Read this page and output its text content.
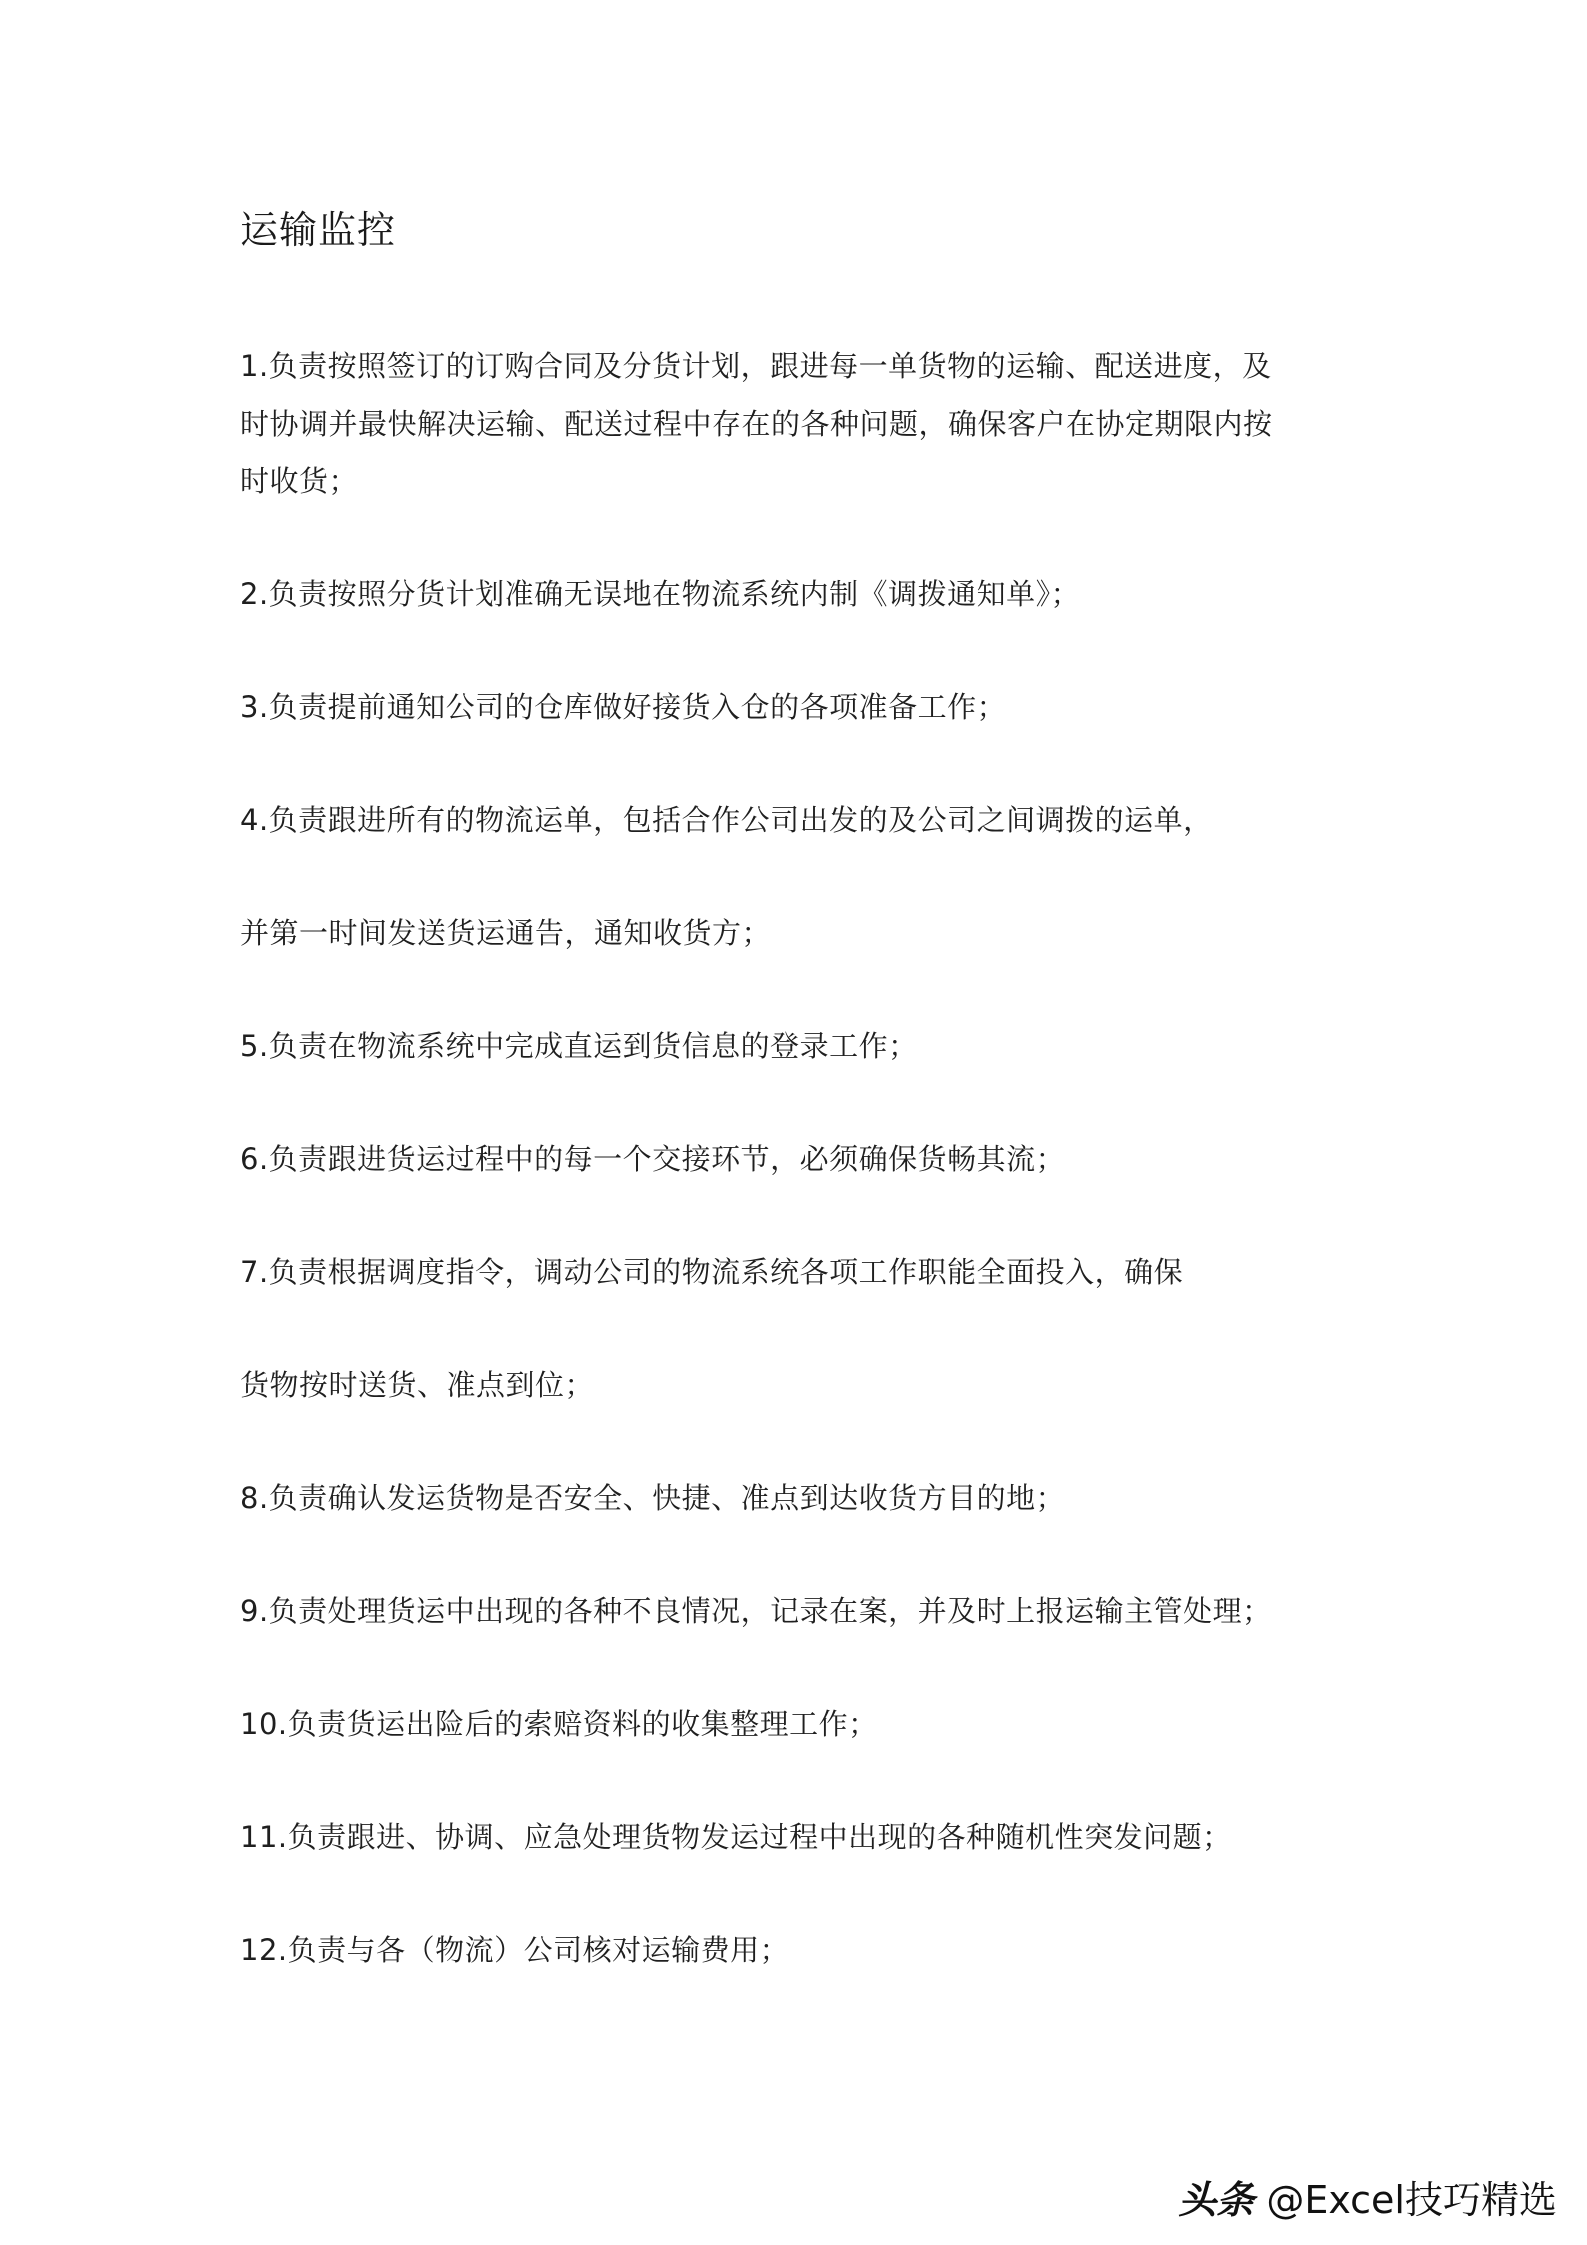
运输监控
1.负责按照签订的订购合同及分货计划，跟进每一单货物的运输、配送进度，及
时协调并最快解决运输、配送过程中存在的各种问题，确保客户在协定期限内按
时收货；
2.负责按照分货计划准确无误地在物流系统内制《调拨通知单》；
3.负责提前通知公司的仓库做好接货入仓的各项准备工作；
4.负责跟进所有的物流运单，包括合作公司出发的及公司之间调拨的运单，
并第一时间发送货运通告，通知收货方；
5.负责在物流系统中完成直运到货信息的登录工作；
6.负责跟进货运过程中的每一个交接环节，必须确保货畅其流；
7.负责根据调度指令，调动公司的物流系统各项工作职能全面投入，确保
货物按时送货、准点到位；
8.负责确认发运货物是否安全、快捷、准点到达收货方目的地；
9.负责处理货运中出现的各种不良情况，记录在案，并及时上报运输主管处理；
10.负责货运出险后的索赔资料的收集整理工作；
11.负责跟进、协调、应急处理货物发运过程中出现的各种随机性突发问题；
12.负责与各（物流）公司核对运输费用；
头条 @Excel技巧精选
